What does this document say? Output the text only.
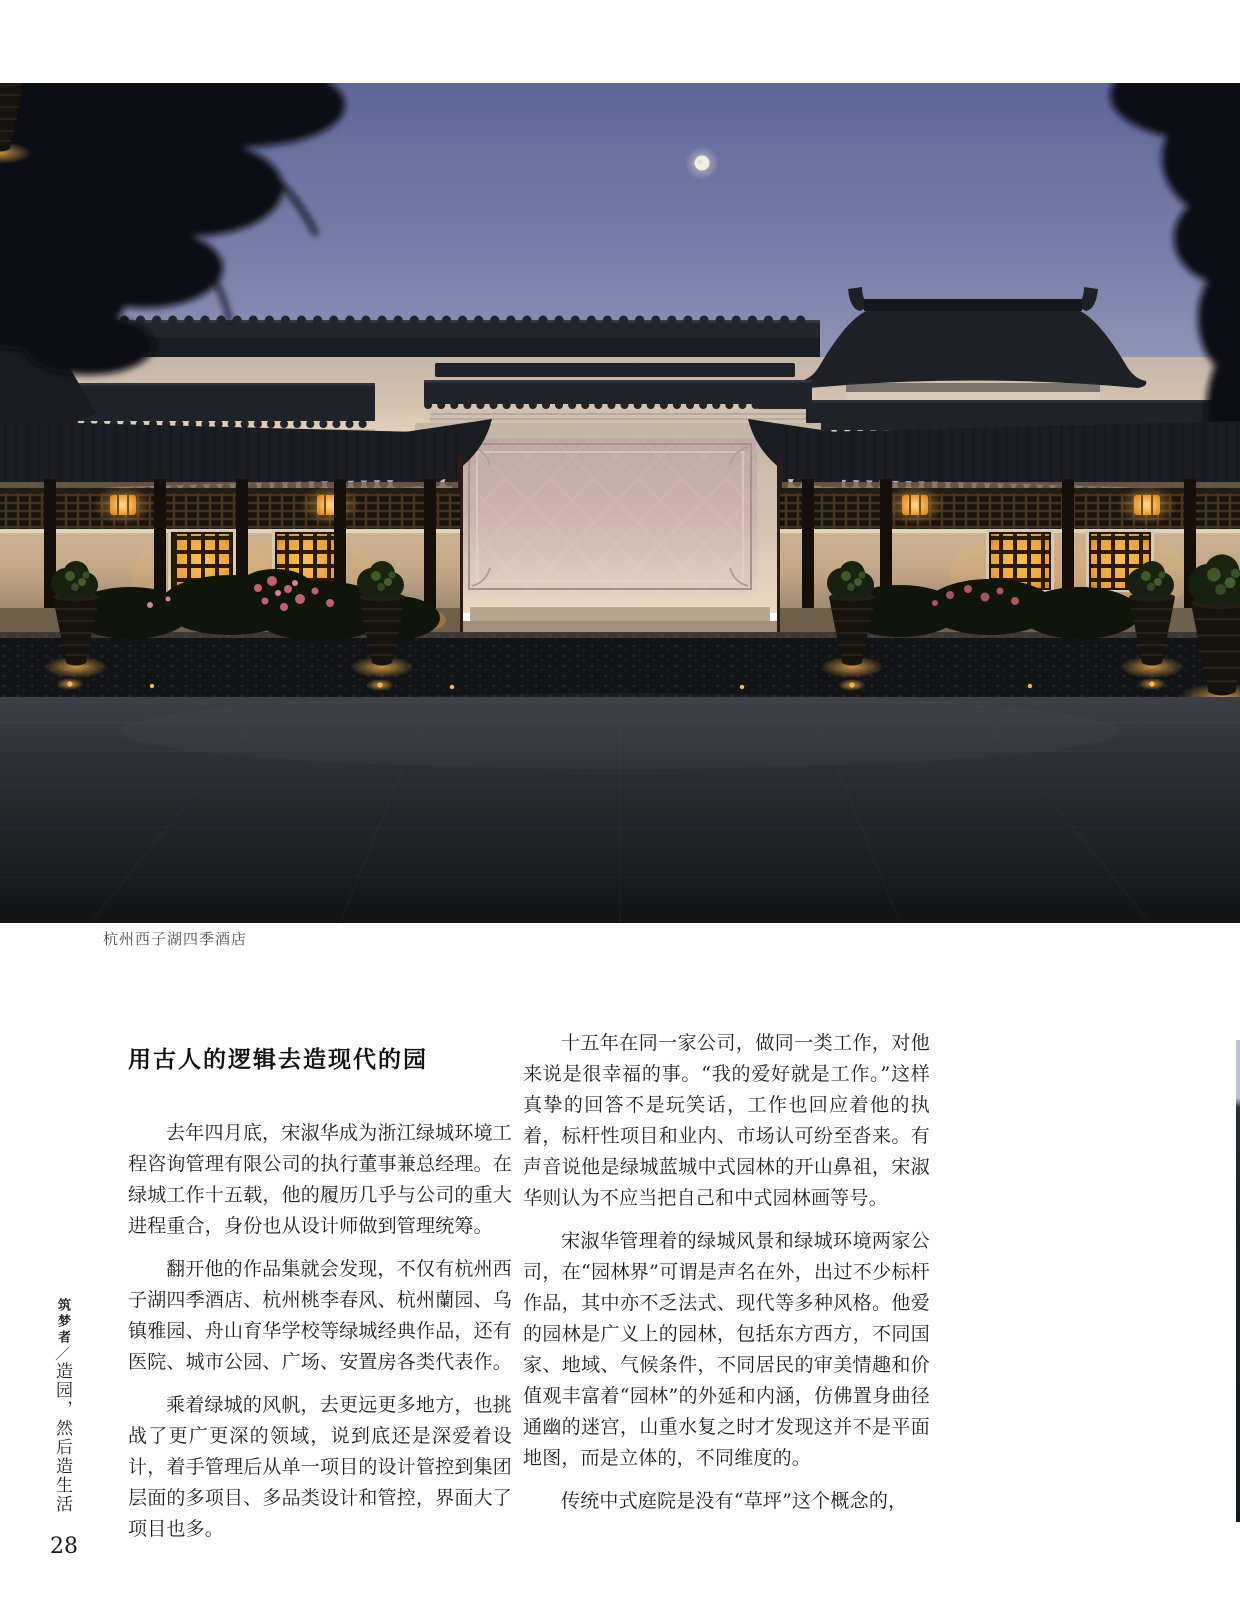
杭州西子湖四季酒店
用古人的逻辑去造现代的园

去年四月底，宋淑华成为浙江绿城环境工程咨询管理有限公司的执行董事兼总经理。在绿城工作十五载，他的履历几乎与公司的重大进程重合，身份也从设计师做到管理统筹。

翻开他的作品集就会发现，不仅有杭州西子湖四季酒店、杭州桃李春风、杭州蘭园、乌镇雅园、舟山育华学校等绿城经典作品，还有医院、城市公园、广场、安置房各类代表作。

乘着绿城的风帆，去更远更多地方，也挑战了更广更深的领域，说到底还是深爱着设计，着手管理后从单一项目的设计管控到集团层面的多项目、多品类设计和管控，界面大了项目也多。

十五年在同一家公司，做同一类工作，对他来说是很幸福的事。“我的爱好就是工作。”这样真挚的回答不是玩笑话，工作也回应着他的执着，标杆性项目和业内、市场认可纷至沓来。有声音说他是绿城蓝城中式园林的开山鼻祖，宋淑华则认为不应当把自己和中式园林画等号。

宋淑华管理着的绿城风景和绿城环境两家公司，在“园林界”可谓是声名在外，出过不少标杆作品，其中亦不乏法式、现代等多种风格。他爱的园林是广义上的园林，包括东方西方，不同国家、地域、气候条件，不同居民的审美情趣和价值观丰富着“园林”的外延和内涵，仿佛置身曲径通幽的迷宫，山重水复之时才发现这并不是平面地图，而是立体的，不同维度的。

传统中式庭院是没有“草坪”这个概念的，

筑梦者／造园，然后造生活
28
